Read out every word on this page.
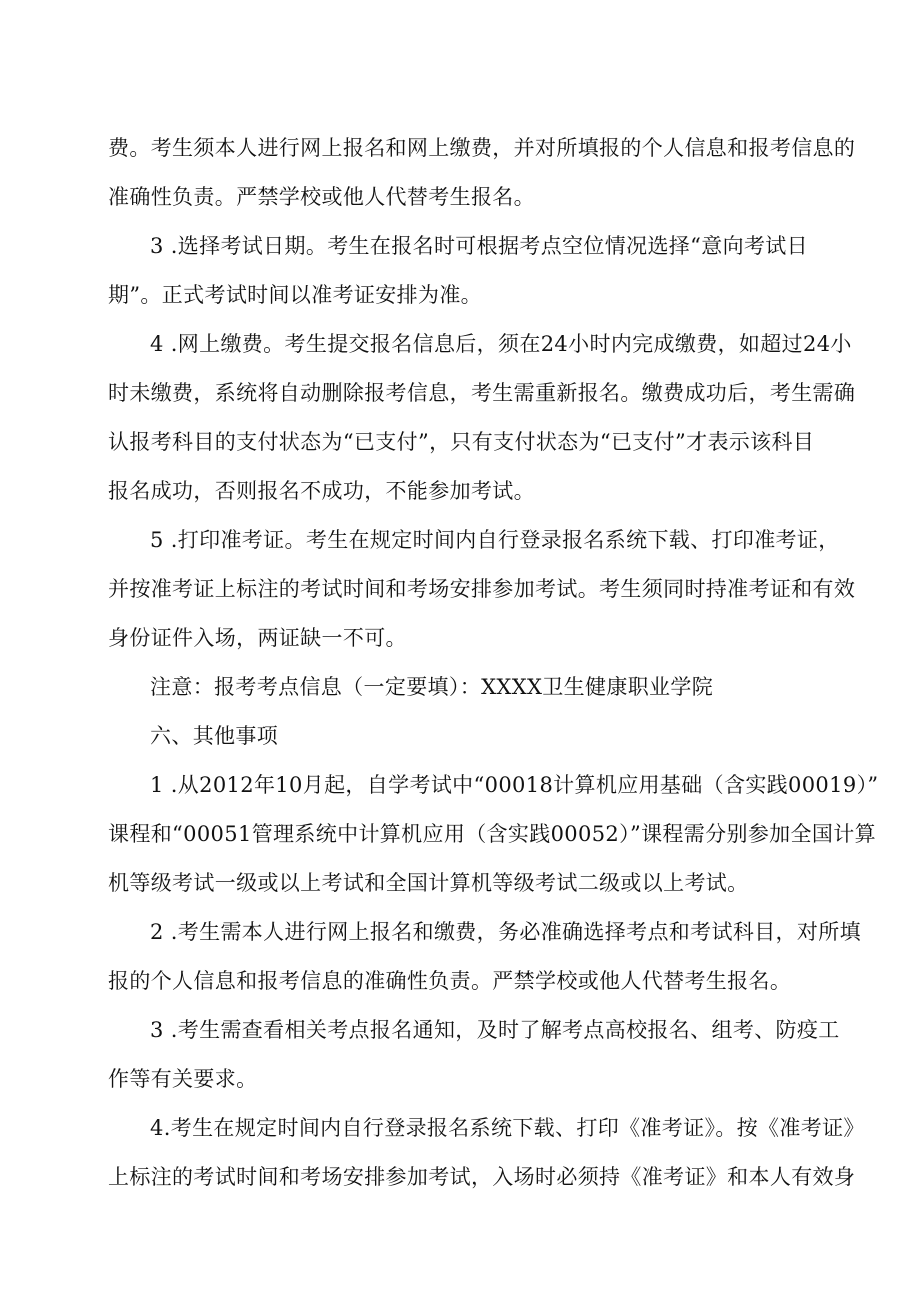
费。考生须本人进行网上报名和网上缴费，并对所填报的个人信息和报考信息的
准确性负责。严禁学校或他人代替考生报名。
3 .选择考试日期。考生在报名时可根据考点空位情况选择“意向考试日
期”。正式考试时间以准考证安排为准。
4 .网上缴费。考生提交报名信息后，须在24小时内完成缴费，如超过24小
时未缴费，系统将自动删除报考信息，考生需重新报名。缴费成功后，考生需确
认报考科目的支付状态为“已支付”，只有支付状态为“已支付”才表示该科目
报名成功，否则报名不成功，不能参加考试。
5 .打印准考证。考生在规定时间内自行登录报名系统下载、打印准考证，
并按准考证上标注的考试时间和考场安排参加考试。考生须同时持准考证和有效
身份证件入场，两证缺一不可。
注意：报考考点信息（一定要填）：XXXX卫生健康职业学院
六、其他事项
1 .从2012年10月起，自学考试中“00018计算机应用基础（含实践00019）”
课程和“00051管理系统中计算机应用（含实践00052）”课程需分别参加全国计算
机等级考试一级或以上考试和全国计算机等级考试二级或以上考试。
2 .考生需本人进行网上报名和缴费，务必准确选择考点和考试科目，对所填
报的个人信息和报考信息的准确性负责。严禁学校或他人代替考生报名。
3 .考生需查看相关考点报名通知，及时了解考点高校报名、组考、防疫工
作等有关要求。
4.考生在规定时间内自行登录报名系统下载、打印《准考证》。按《准考证》
上标注的考试时间和考场安排参加考试，入场时必须持《准考证》和本人有效身
